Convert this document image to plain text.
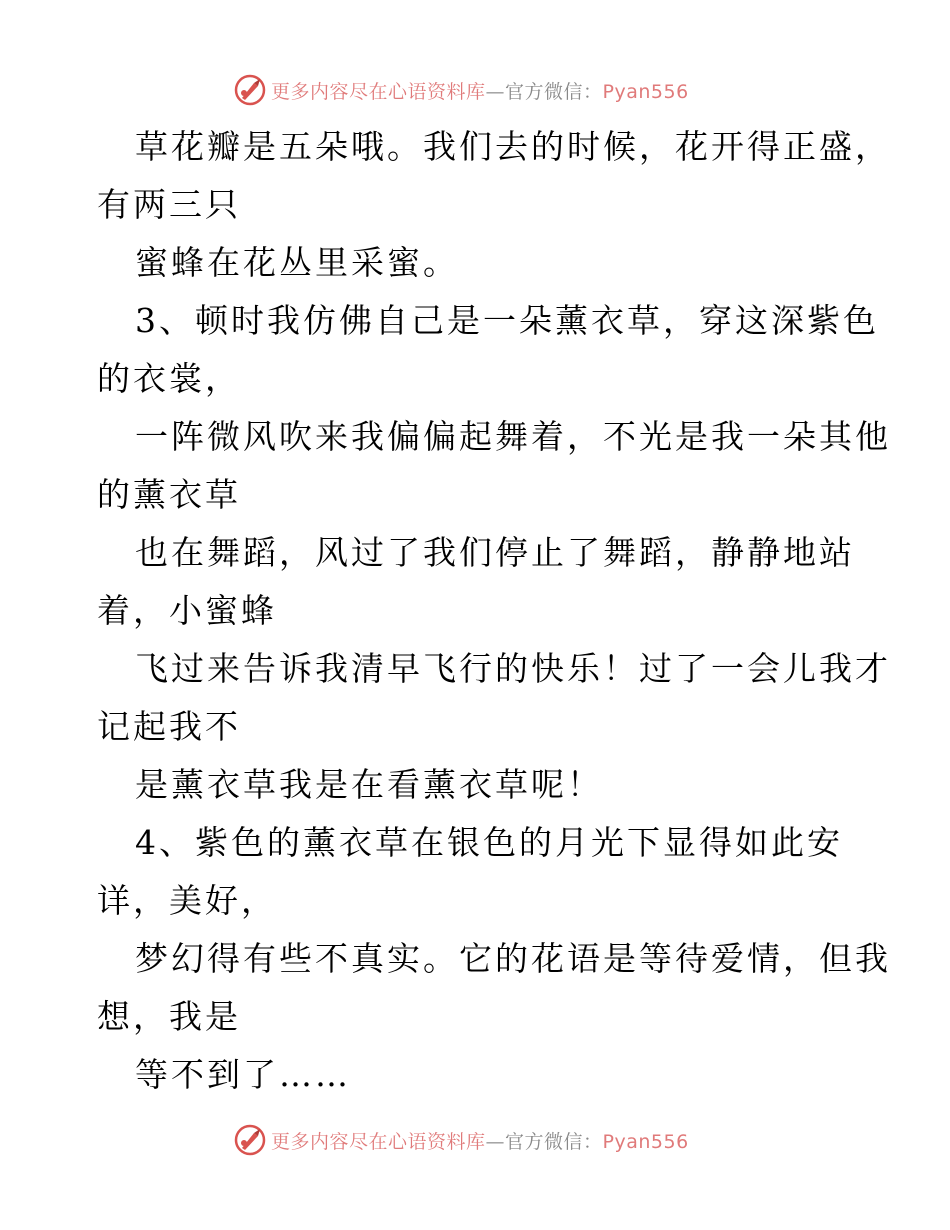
更多内容尽在心语资料库—官方微信：Pyan556
草花瓣是五朵哦。我们去的时候，花开得正盛，
有两三只
蜜蜂在花丛里采蜜。
3、顿时我仿佛自己是一朵薰衣草，穿这深紫色
的衣裳，
一阵微风吹来我偏偏起舞着，不光是我一朵其他
的薰衣草
也在舞蹈，风过了我们停止了舞蹈，静静地站
着，小蜜蜂
飞过来告诉我清早飞行的快乐！过了一会儿我才
记起我不
是薰衣草我是在看薰衣草呢！
4、紫色的薰衣草在银色的月光下显得如此安
详，美好，
梦幻得有些不真实。它的花语是等待爱情，但我
想，我是
等不到了……
更多内容尽在心语资料库—官方微信：Pyan556
